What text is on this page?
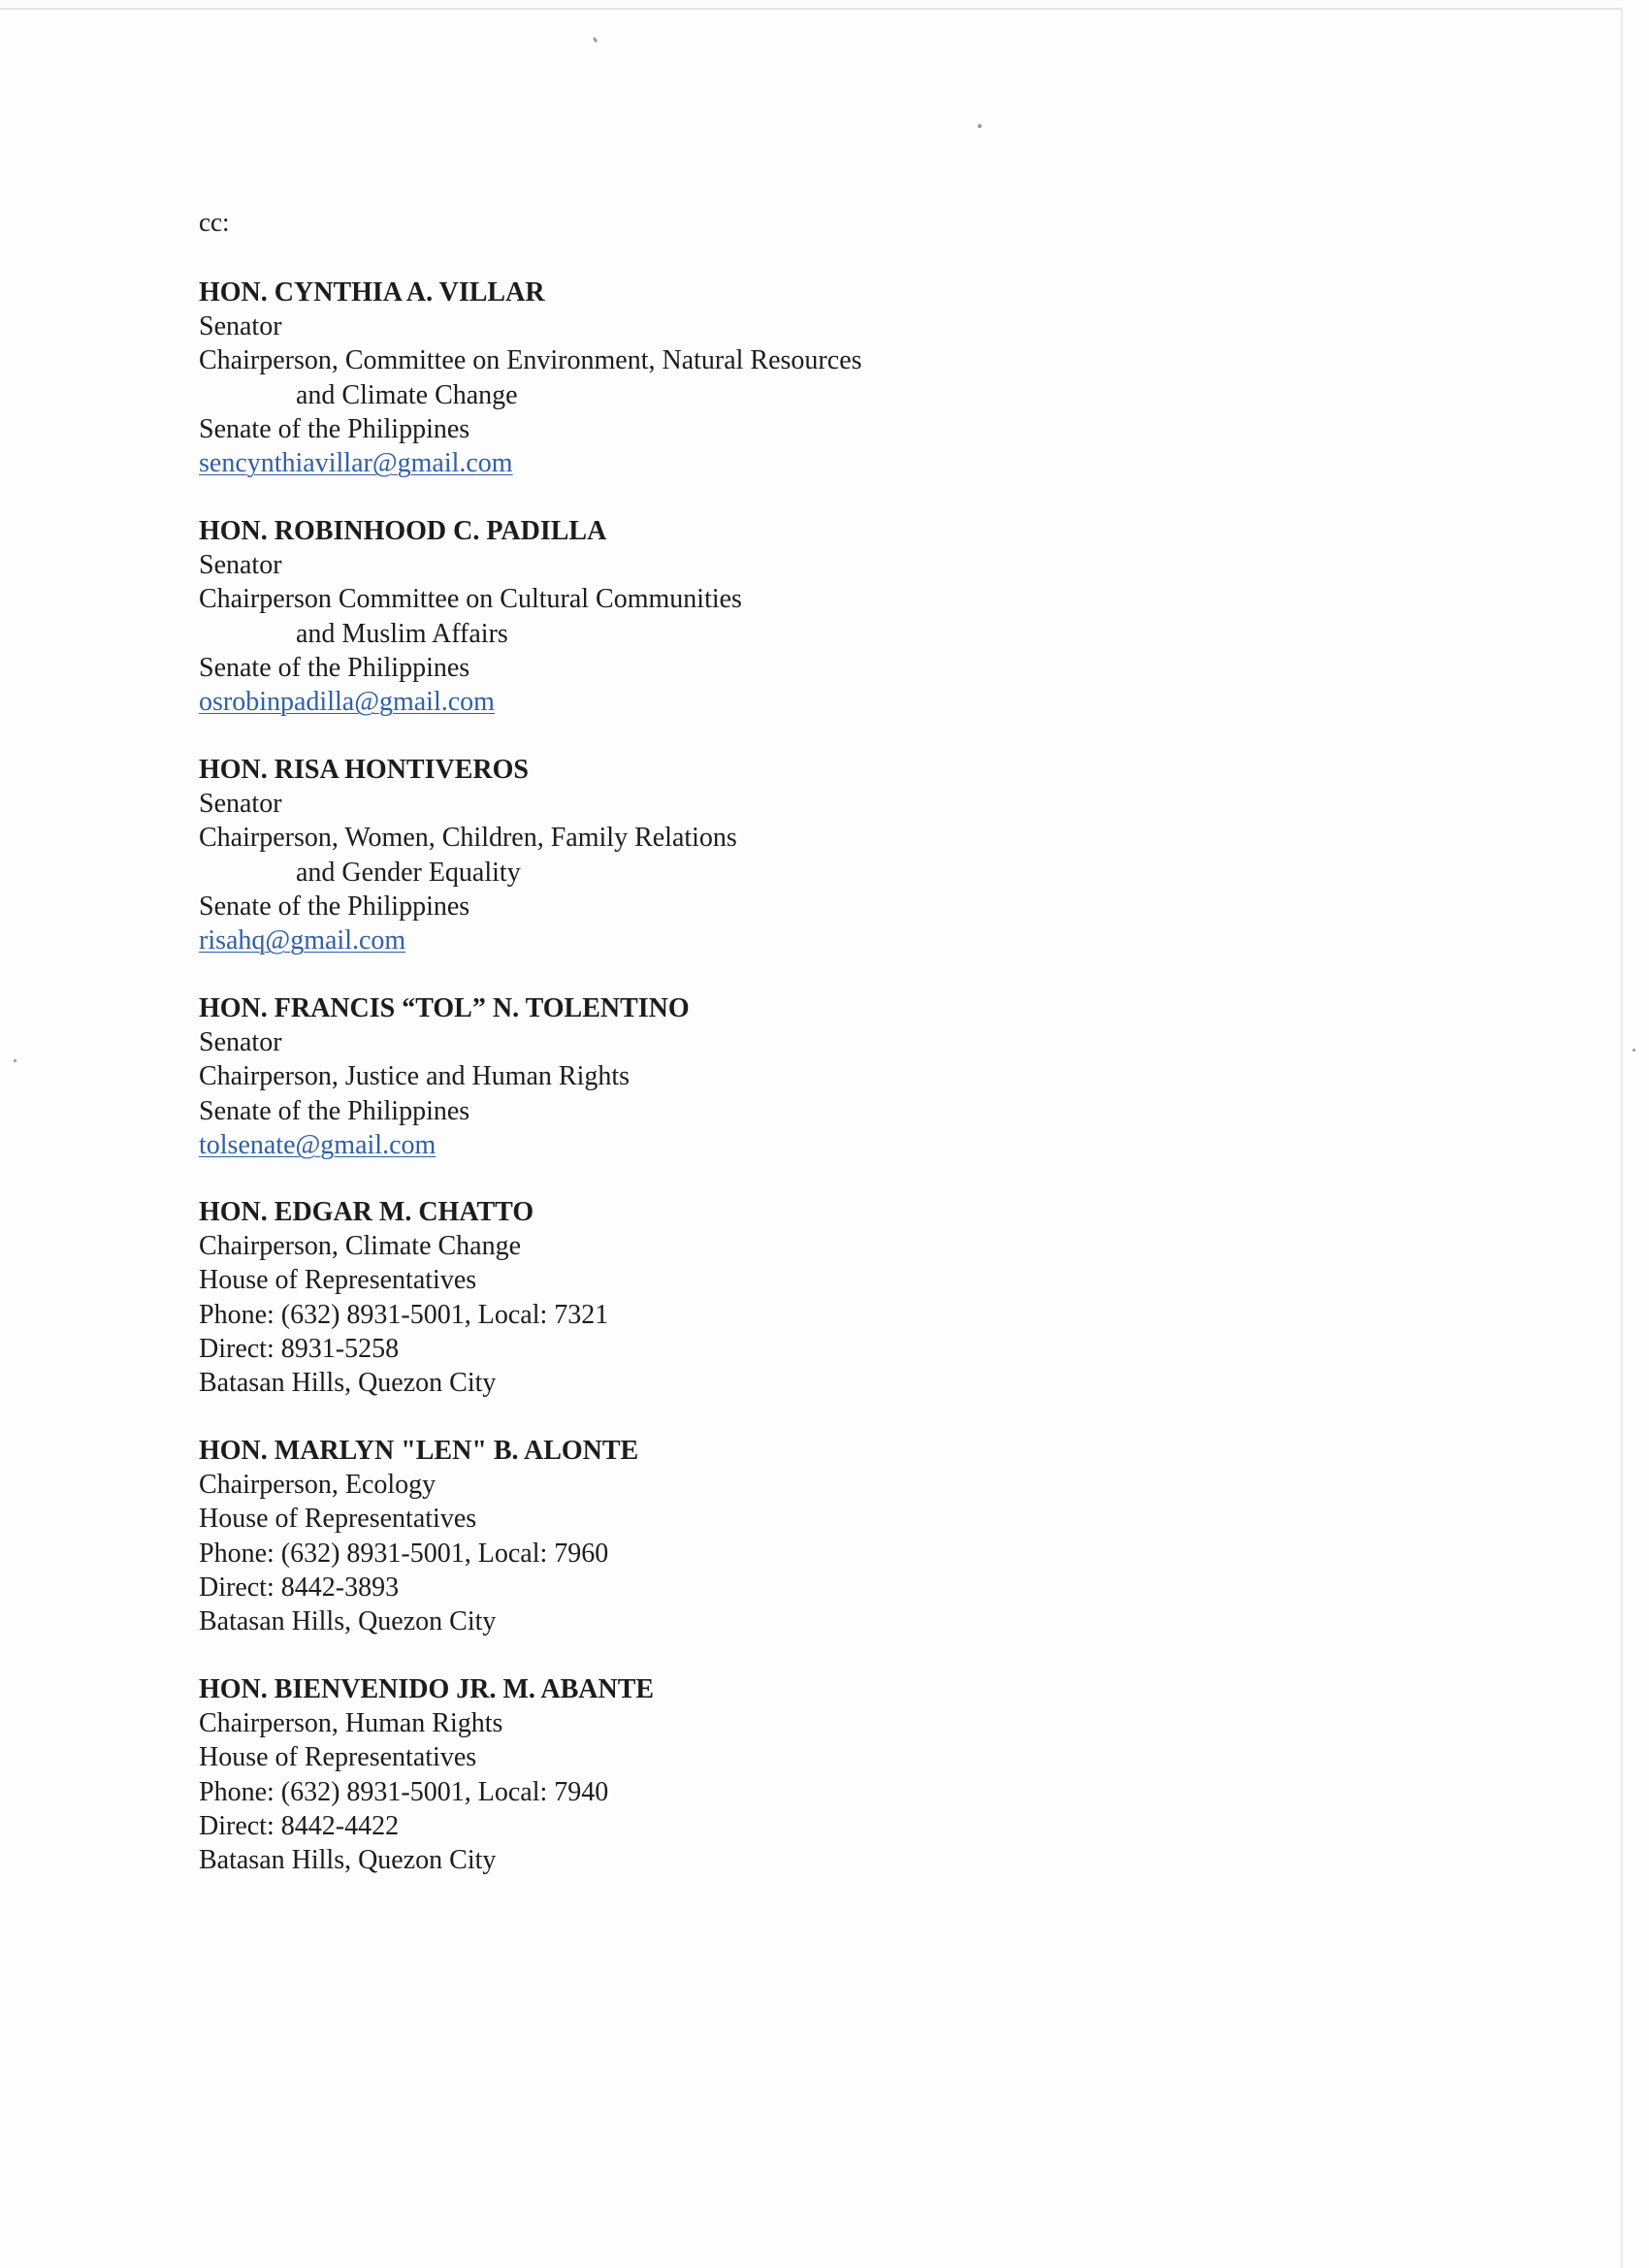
cc:
HON. CYNTHIA A. VILLAR
Senator
Chairperson, Committee on Environment, Natural Resources
and Climate Change
Senate of the Philippines
sencynthiavillar@gmail.com
HON. ROBINHOOD C. PADILLA
Senator
Chairperson Committee on Cultural Communities
and Muslim Affairs
Senate of the Philippines
osrobinpadilla@gmail.com
HON. RISA HONTIVEROS
Senator
Chairperson, Women, Children, Family Relations
and Gender Equality
Senate of the Philippines
risahq@gmail.com
HON. FRANCIS “TOL” N. TOLENTINO
Senator
Chairperson, Justice and Human Rights
Senate of the Philippines
tolsenate@gmail.com
HON. EDGAR M. CHATTO
Chairperson, Climate Change
House of Representatives
Phone: (632) 8931-5001, Local: 7321
Direct: 8931-5258
Batasan Hills, Quezon City
HON. MARLYN "LEN" B. ALONTE
Chairperson, Ecology
House of Representatives
Phone: (632) 8931-5001, Local: 7960
Direct: 8442-3893
Batasan Hills, Quezon City
HON. BIENVENIDO JR. M. ABANTE
Chairperson, Human Rights
House of Representatives
Phone: (632) 8931-5001, Local: 7940
Direct: 8442-4422
Batasan Hills, Quezon City
